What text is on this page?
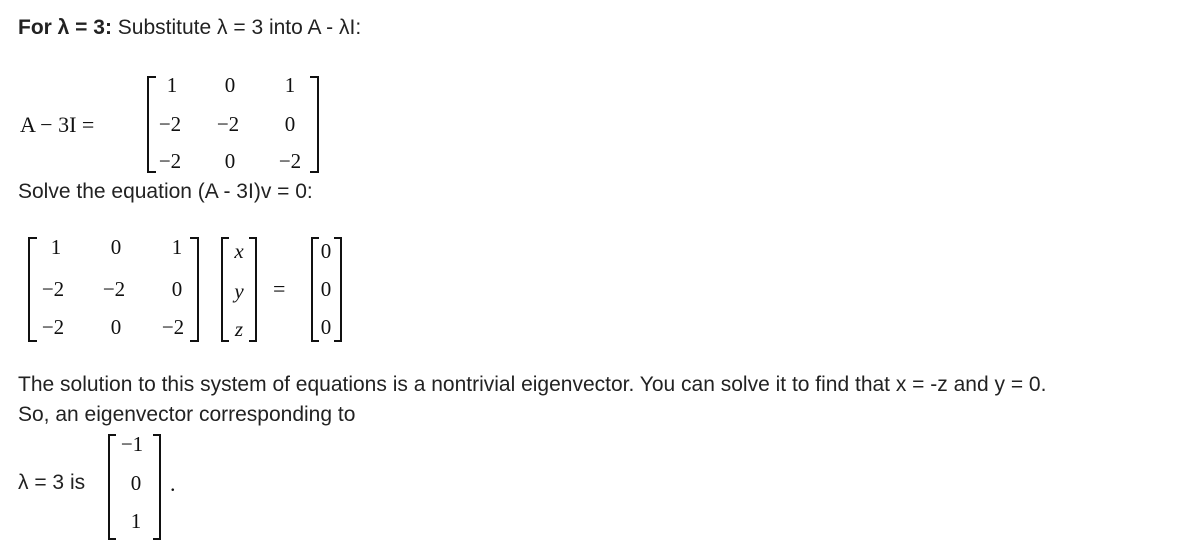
For λ = 3: Substitute λ = 3 into A - λI:
A − 3I =
1 0 1
−2 −2 0
−2 0 −2
Solve the equation (A - 3I)v = 0:
1 0 1
−2 −2 0
−2 0 −2
x
y
z
=
0
0
0
The solution to this system of equations is a nontrivial eigenvector. You can solve it to find that x = -z and y = 0.
So, an eigenvector corresponding to
λ = 3 is
−1
0
1
.
